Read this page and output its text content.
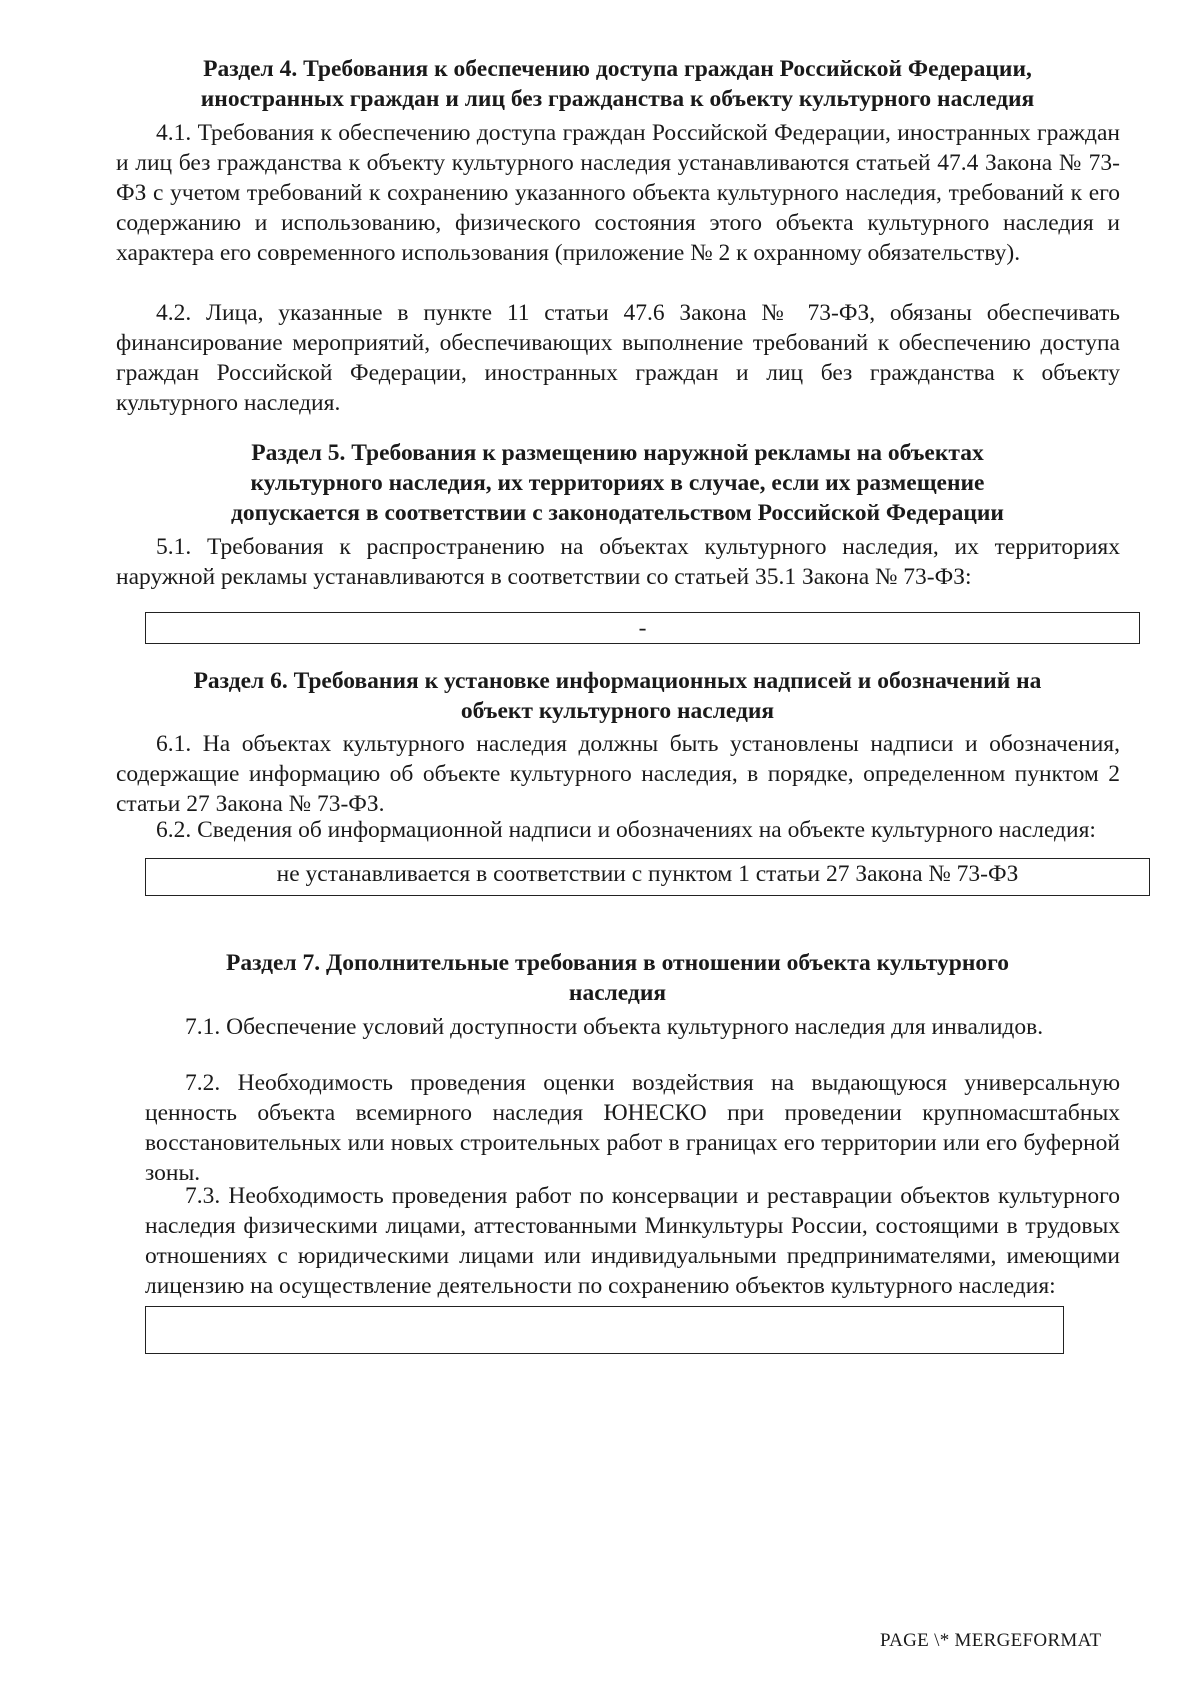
Раздел 4. Требования к обеспечению доступа граждан Российской Федерации,
иностранных граждан и лиц без гражданства к объекту культурного наследия
4.1. Требования к обеспечению доступа граждан Российской Федерации, иностранных граждан и лиц без гражданства к объекту культурного наследия устанавливаются статьей 47.4 Закона № 73-ФЗ с учетом требований к сохранению указанного объекта культурного наследия, требований к его содержанию и использованию, физического состояния этого объекта культурного наследия и характера его современного использования (приложение № 2 к охранному обязательству).
4.2. Лица, указанные в пункте 11 статьи 47.6 Закона № 73-ФЗ, обязаны обеспечивать финансирование мероприятий, обеспечивающих выполнение требований к обеспечению доступа граждан Российской Федерации, иностранных граждан и лиц без гражданства к объекту культурного наследия.
Раздел 5. Требования к размещению наружной рекламы на объектах
культурного наследия, их территориях в случае, если их размещение
допускается в соответствии с законодательством Российской Федерации
5.1. Требования к распространению на объектах культурного наследия, их территориях наружной рекламы устанавливаются в соответствии со статьей 35.1 Закона № 73-ФЗ:
-
Раздел 6. Требования к установке информационных надписей и обозначений на
объект культурного наследия
6.1. На объектах культурного наследия должны быть установлены надписи и обозначения, содержащие информацию об объекте культурного наследия, в порядке, определенном пунктом 2 статьи 27 Закона № 73-ФЗ.
6.2. Сведения об информационной надписи и обозначениях на объекте культурного наследия:
не устанавливается в соответствии с пунктом 1 статьи 27 Закона № 73-ФЗ
Раздел 7. Дополнительные требования в отношении объекта культурного
наследия
7.1. Обеспечение условий доступности объекта культурного наследия для инвалидов.
7.2. Необходимость проведения оценки воздействия на выдающуюся универсальную ценность объекта всемирного наследия ЮНЕСКО при проведении крупномасштабных восстановительных или новых строительных работ в границах его территории или его буферной зоны.
7.3. Необходимость проведения работ по консервации и реставрации объектов культурного наследия физическими лицами, аттестованными Минкультуры России, состоящими в трудовых отношениях с юридическими лицами или индивидуальными предпринимателями, имеющими лицензию на осуществление деятельности по сохранению объектов культурного наследия:
PAGE \* MERGEFORMAT
